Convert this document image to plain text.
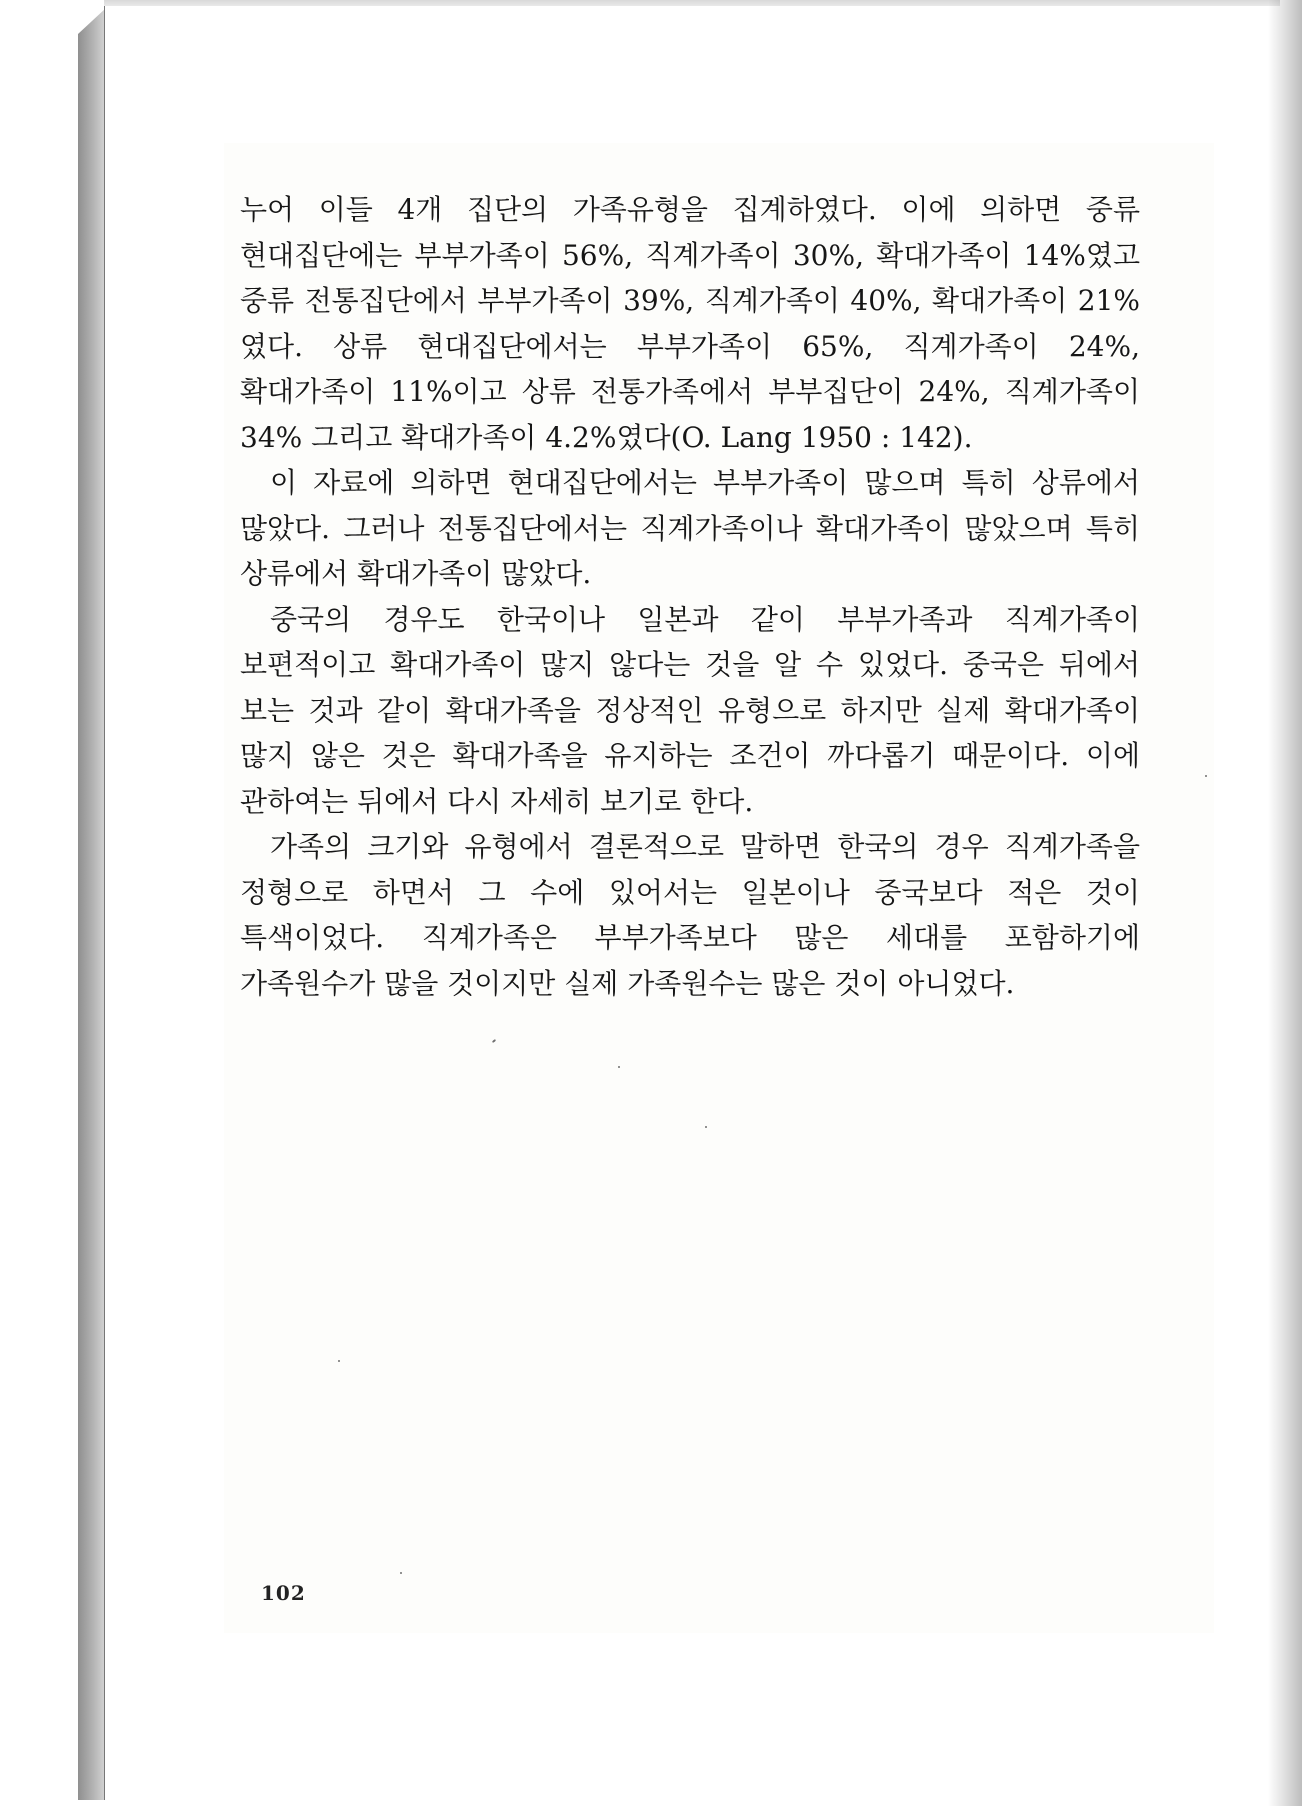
누어 이들 4개 집단의 가족유형을 집계하였다. 이에 의하면 중류 현대집단에는 부부가족이 56%, 직계가족이 30%, 확대가족이 14%였고 중류 전통집단에서 부부가족이 39%, 직계가족이 40%, 확대가족이 21%였다. 상류 현대집단에서는 부부가족이 65%, 직계가족이 24%, 확대가족이 11%이고 상류 전통가족에서 부부집단이 24%, 직계가족이 34% 그리고 확대가족이 4.2%였다(O. Lang 1950 : 142).

이 자료에 의하면 현대집단에서는 부부가족이 많으며 특히 상류에서 많았다. 그러나 전통집단에서는 직계가족이나 확대가족이 많았으며 특히 상류에서 확대가족이 많았다.

중국의 경우도 한국이나 일본과 같이 부부가족과 직계가족이 보편적이고 확대가족이 많지 않다는 것을 알 수 있었다. 중국은 뒤에서 보는 것과 같이 확대가족을 정상적인 유형으로 하지만 실제 확대가족이 많지 않은 것은 확대가족을 유지하는 조건이 까다롭기 때문이다. 이에 관하여는 뒤에서 다시 자세히 보기로 한다.

가족의 크기와 유형에서 결론적으로 말하면 한국의 경우 직계가족을 정형으로 하면서 그 수에 있어서는 일본이나 중국보다 적은 것이 특색이었다. 직계가족은 부부가족보다 많은 세대를 포함하기에 가족원수가 많을 것이지만 실제 가족원수는 많은 것이 아니었다.

102
